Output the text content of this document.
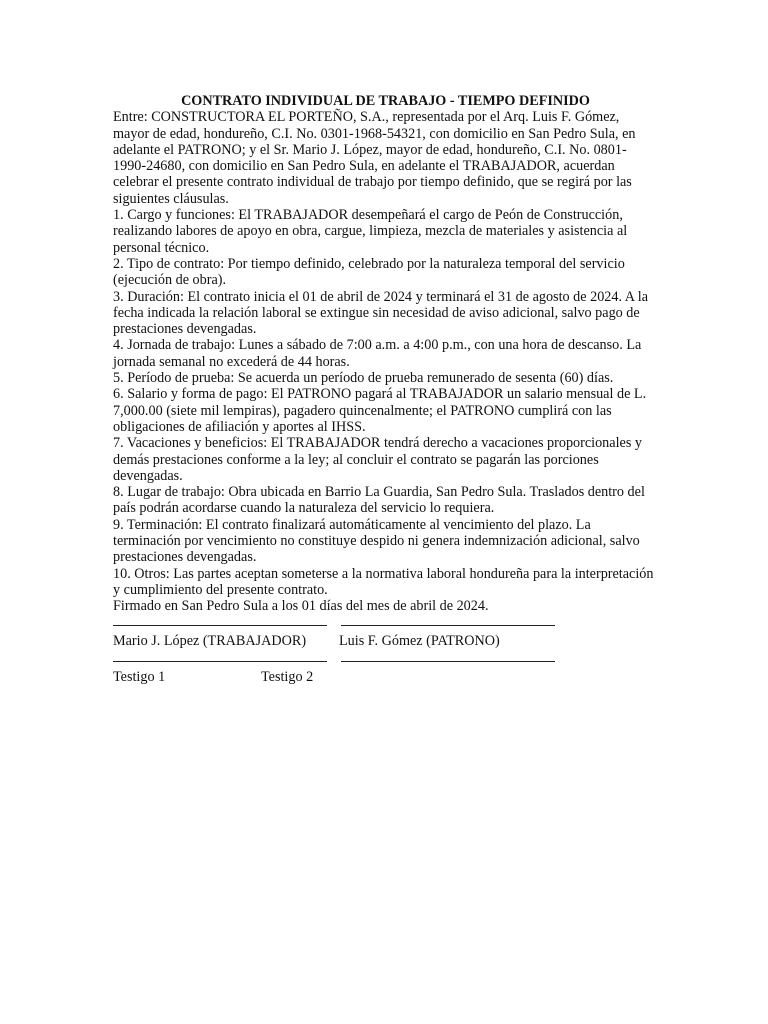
CONTRATO INDIVIDUAL DE TRABAJO - TIEMPO DEFINIDO

Entre: CONSTRUCTORA EL PORTEÑO, S.A., representada por el Arq. Luis F. Gómez, mayor de edad, hondureño, C.I. No. 0301-1968-54321, con domicilio en San Pedro Sula, en adelante el PATRONO; y el Sr. Mario J. López, mayor de edad, hondureño, C.I. No. 0801-1990-24680, con domicilio en San Pedro Sula, en adelante el TRABAJADOR, acuerdan celebrar el presente contrato individual de trabajo por tiempo definido, que se regirá por las siguientes cláusulas.

1. Cargo y funciones: El TRABAJADOR desempeñará el cargo de Peón de Construcción, realizando labores de apoyo en obra, cargue, limpieza, mezcla de materiales y asistencia al personal técnico.

2. Tipo de contrato: Por tiempo definido, celebrado por la naturaleza temporal del servicio (ejecución de obra).

3. Duración: El contrato inicia el 01 de abril de 2024 y terminará el 31 de agosto de 2024. A la fecha indicada la relación laboral se extingue sin necesidad de aviso adicional, salvo pago de prestaciones devengadas.

4. Jornada de trabajo: Lunes a sábado de 7:00 a.m. a 4:00 p.m., con una hora de descanso. La jornada semanal no excederá de 44 horas.

5. Período de prueba: Se acuerda un período de prueba remunerado de sesenta (60) días.

6. Salario y forma de pago: El PATRONO pagará al TRABAJADOR un salario mensual de L. 7,000.00 (siete mil lempiras), pagadero quincenalmente; el PATRONO cumplirá con las obligaciones de afiliación y aportes al IHSS.

7. Vacaciones y beneficios: El TRABAJADOR tendrá derecho a vacaciones proporcionales y demás prestaciones conforme a la ley; al concluir el contrato se pagarán las porciones devengadas.

8. Lugar de trabajo: Obra ubicada en Barrio La Guardia, San Pedro Sula. Traslados dentro del país podrán acordarse cuando la naturaleza del servicio lo requiera.

9. Terminación: El contrato finalizará automáticamente al vencimiento del plazo. La terminación por vencimiento no constituye despido ni genera indemnización adicional, salvo prestaciones devengadas.

10. Otros: Las partes aceptan someterse a la normativa laboral hondureña para la interpretación y cumplimiento del presente contrato.

Firmado en San Pedro Sula a los 01 días del mes de abril de 2024.

Mario J. López (TRABAJADOR) Luis F. Gómez (PATRONO)
Testigo 1	Testigo 2
